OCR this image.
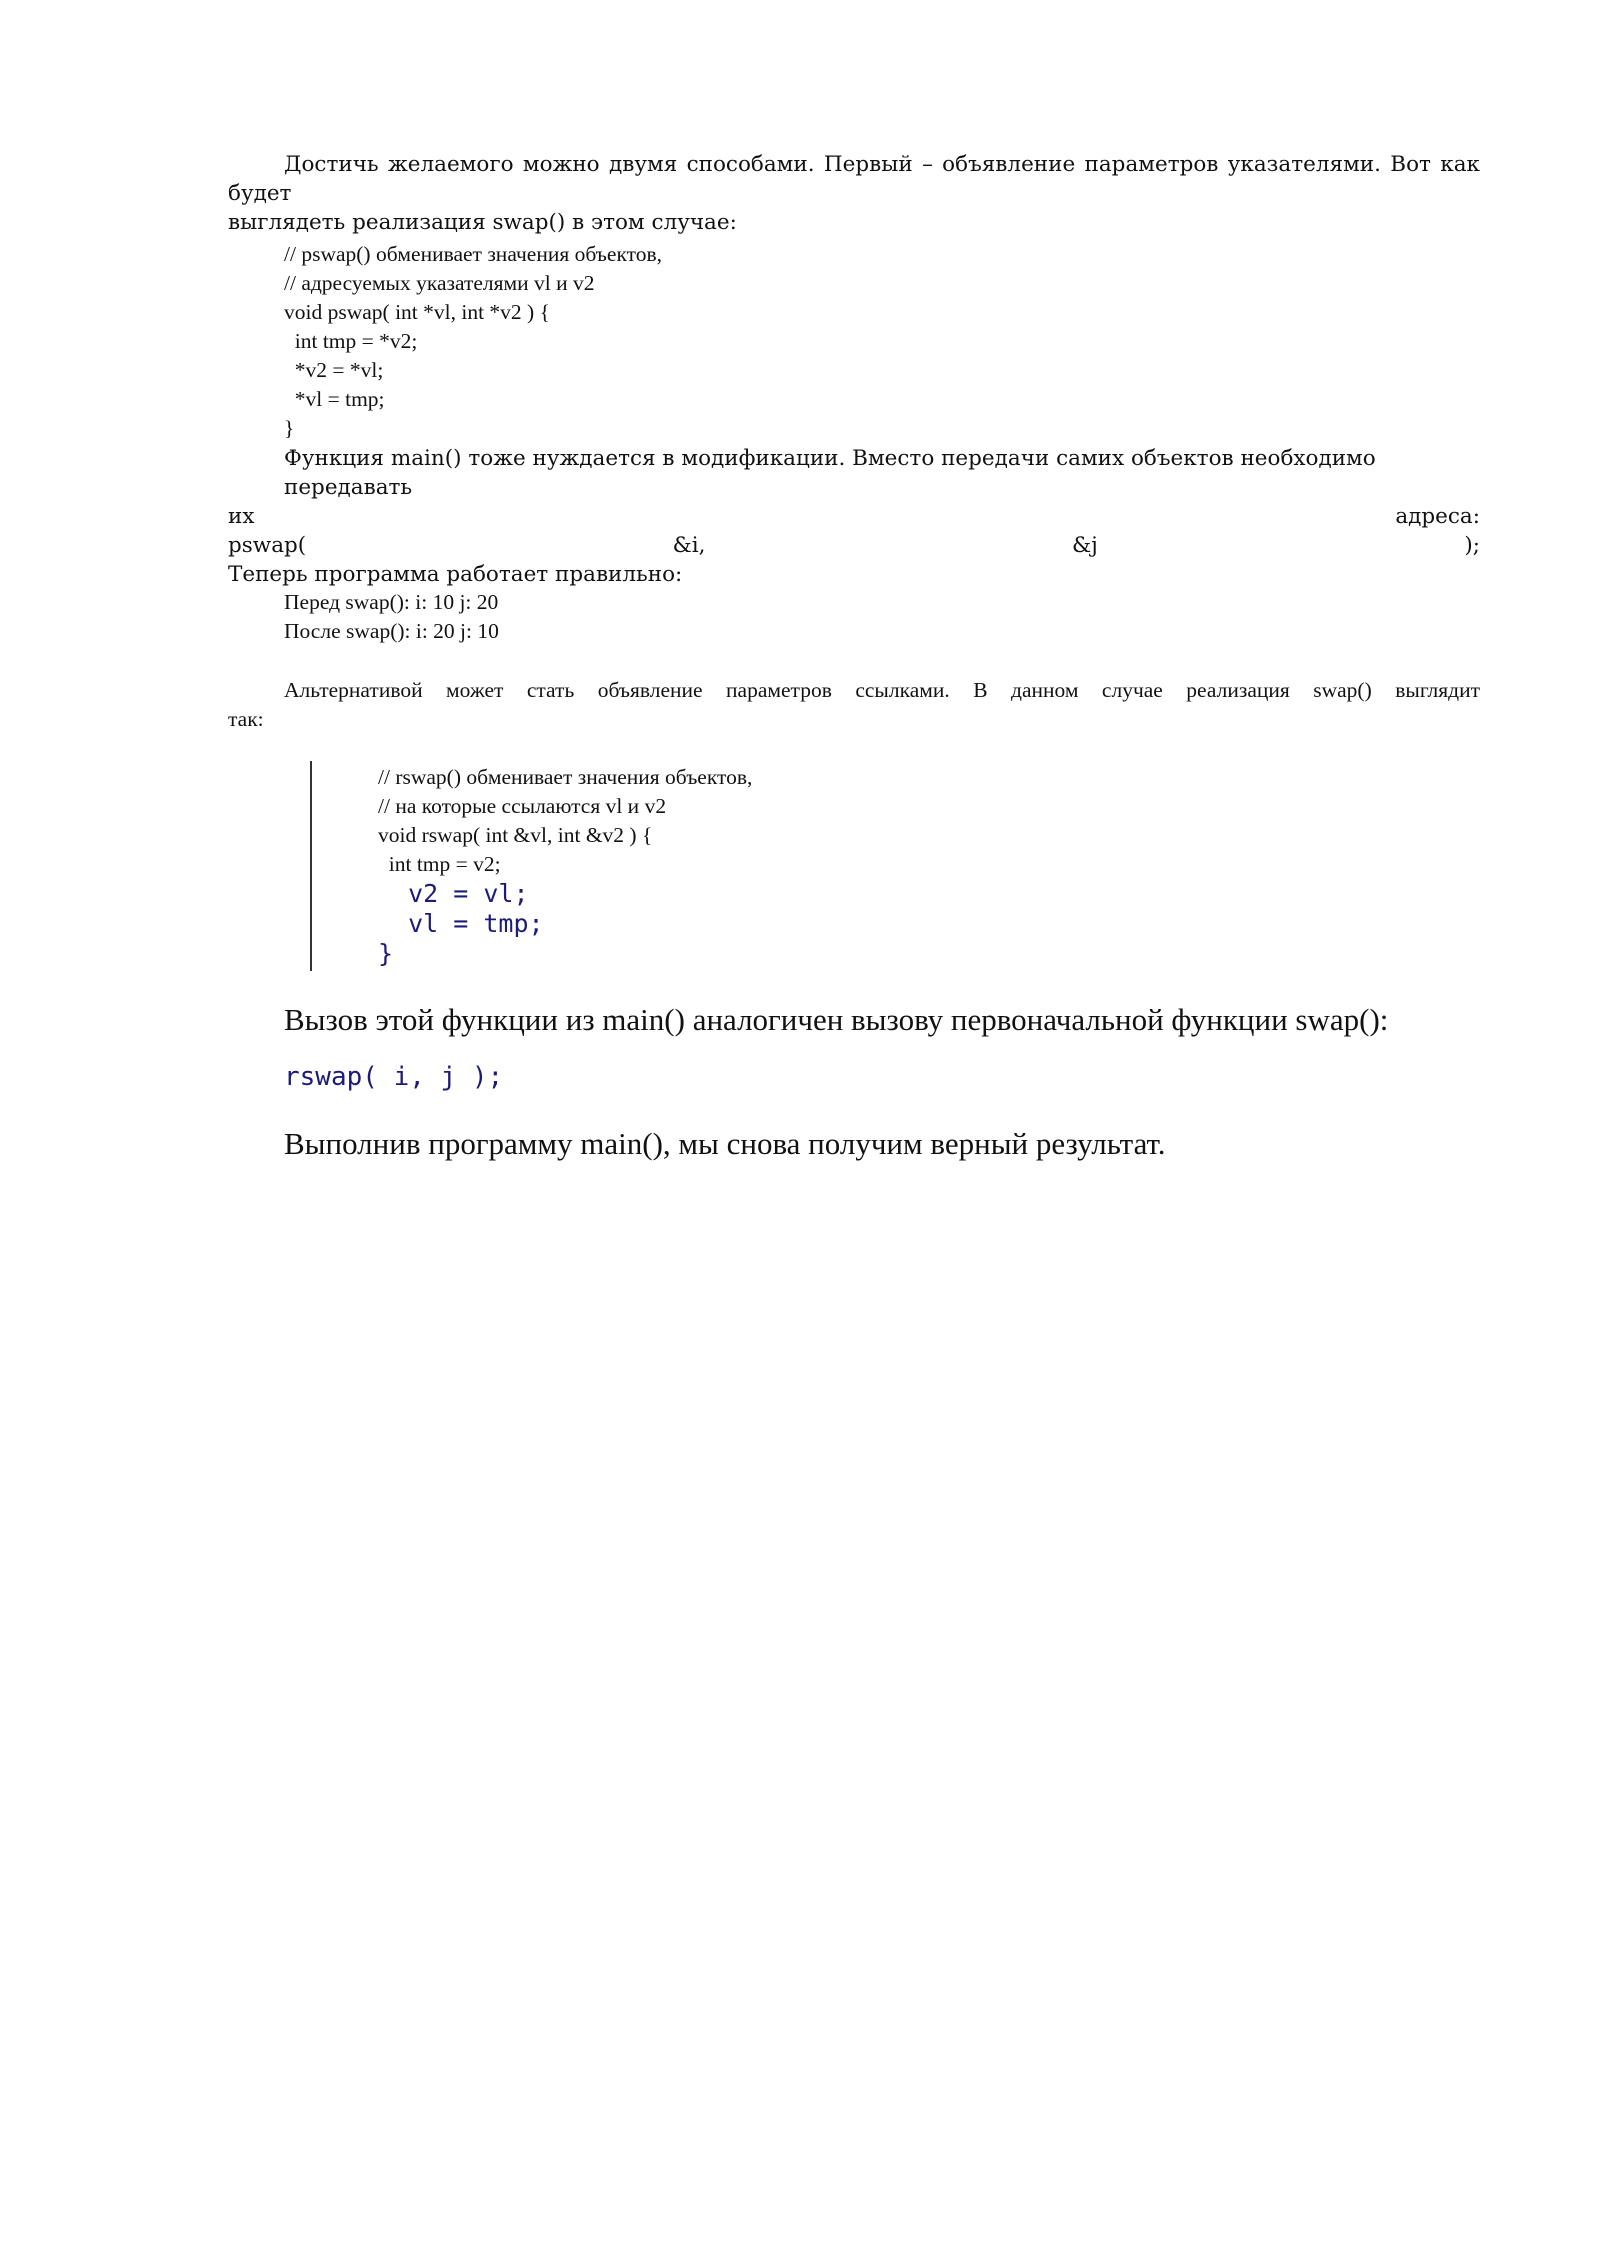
Достичь желаемого можно двумя способами. Первый – объявление параметров указателями. Вот как будет
выглядеть реализация swap() в этом случае:
// pswap() обменивает значения объектов,
// адресуемых указателями vl и v2
void pswap( int *vl, int *v2 ) {
int tmp = *v2;
*v2 = *vl;
*vl = tmp;
}
Функция main() тоже нуждается в модификации. Вместо передачи самих объектов необходимо передавать
их	адреса:
pswap(	&i,	&j	);
Теперь программа работает правильно:
Перед swap(): i: 10 j: 20
После swap(): i: 20 j: 10
Альтернативой может стать объявление параметров ссылками. В данном случае реализация swap() выглядит
так:
// rswap() обменивает значения объектов,
// на которые ссылаются vl и v2
void rswap( int &vl, int &v2 ) {
int tmp = v2;
v2 = vl;
vl = tmp;
}
Вызов этой функции из main() аналогичен вызову первоначальной функции swap():
rswap( i, j );
Выполнив программу main(), мы снова получим верный результат.
